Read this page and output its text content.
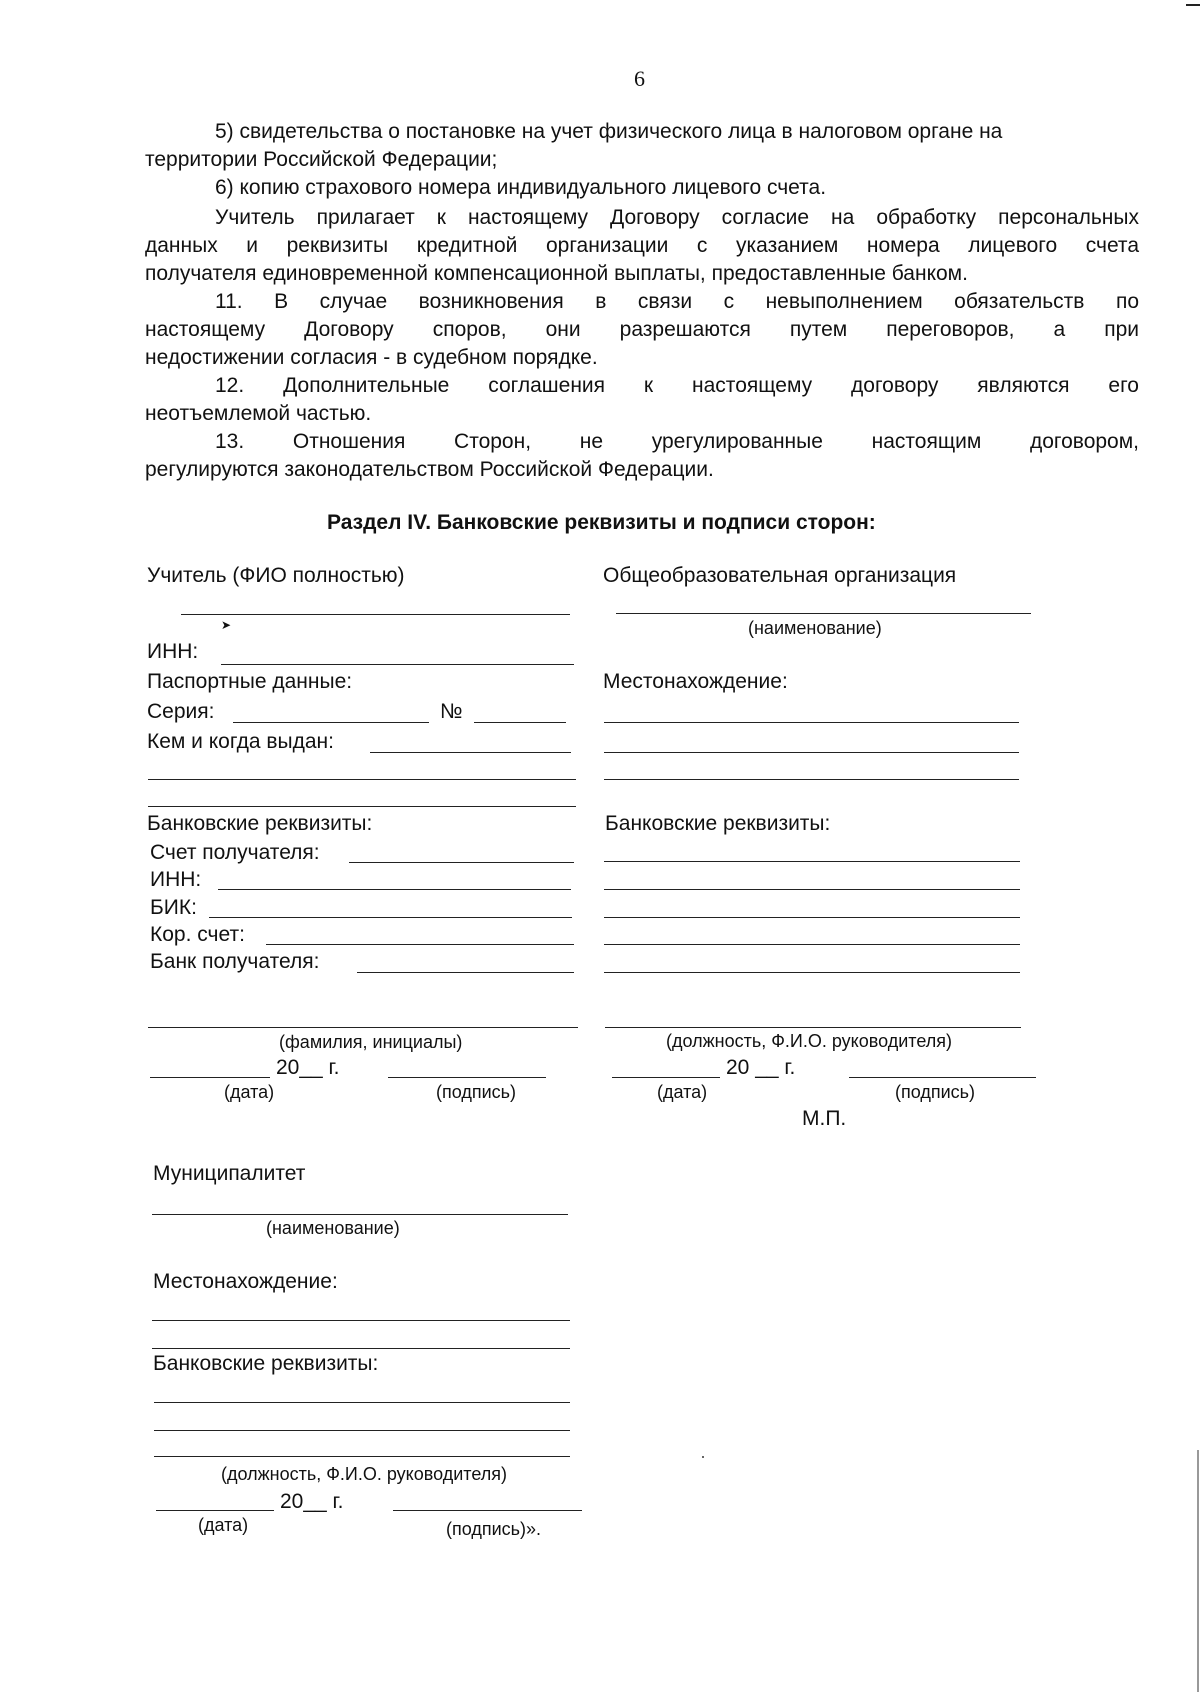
6
5) свидетельства о постановке на учет физического лица в налоговом органе на
территории Российской Федерации;
6) копию страхового номера индивидуального лицевого счета.
Учитель прилагает к настоящему Договору согласие на обработку персональных
данных и реквизиты кредитной организации с указанием номера лицевого счета
получателя единовременной компенсационной выплаты, предоставленные банком.
11. В случае возникновения в связи с невыполнением обязательств по
настоящему Договору споров, они разрешаются путем переговоров, а при
недостижении согласия - в судебном порядке.
12. Дополнительные соглашения к настоящему договору являются его
неотъемлемой частью.
13. Отношения Сторон, не урегулированные настоящим договором,
регулируются законодательством Российской Федерации.
Раздел IV. Банковские реквизиты и подписи сторон:
Учитель (ФИО полностью)
➤
ИНН:
Паспортные данные:
Серия:	№
Кем и когда выдан:
Банковские реквизиты:
Счет получателя:
ИНН:
БИК:
Кор. счет:
Банк получателя:
(фамилия, инициалы)
20__ г.
(дата)	(подпись)
Общеобразовательная организация
(наименование)
Местонахождение:
Банковские реквизиты:
(должность, Ф.И.О. руководителя)
20 __ г.
(дата)	(подпись)
М.П.
Муниципалитет
(наименование)
Местонахождение:
Банковские реквизиты:
(должность, Ф.И.О. руководителя)
20__ г.
(дата)	(подпись)».
